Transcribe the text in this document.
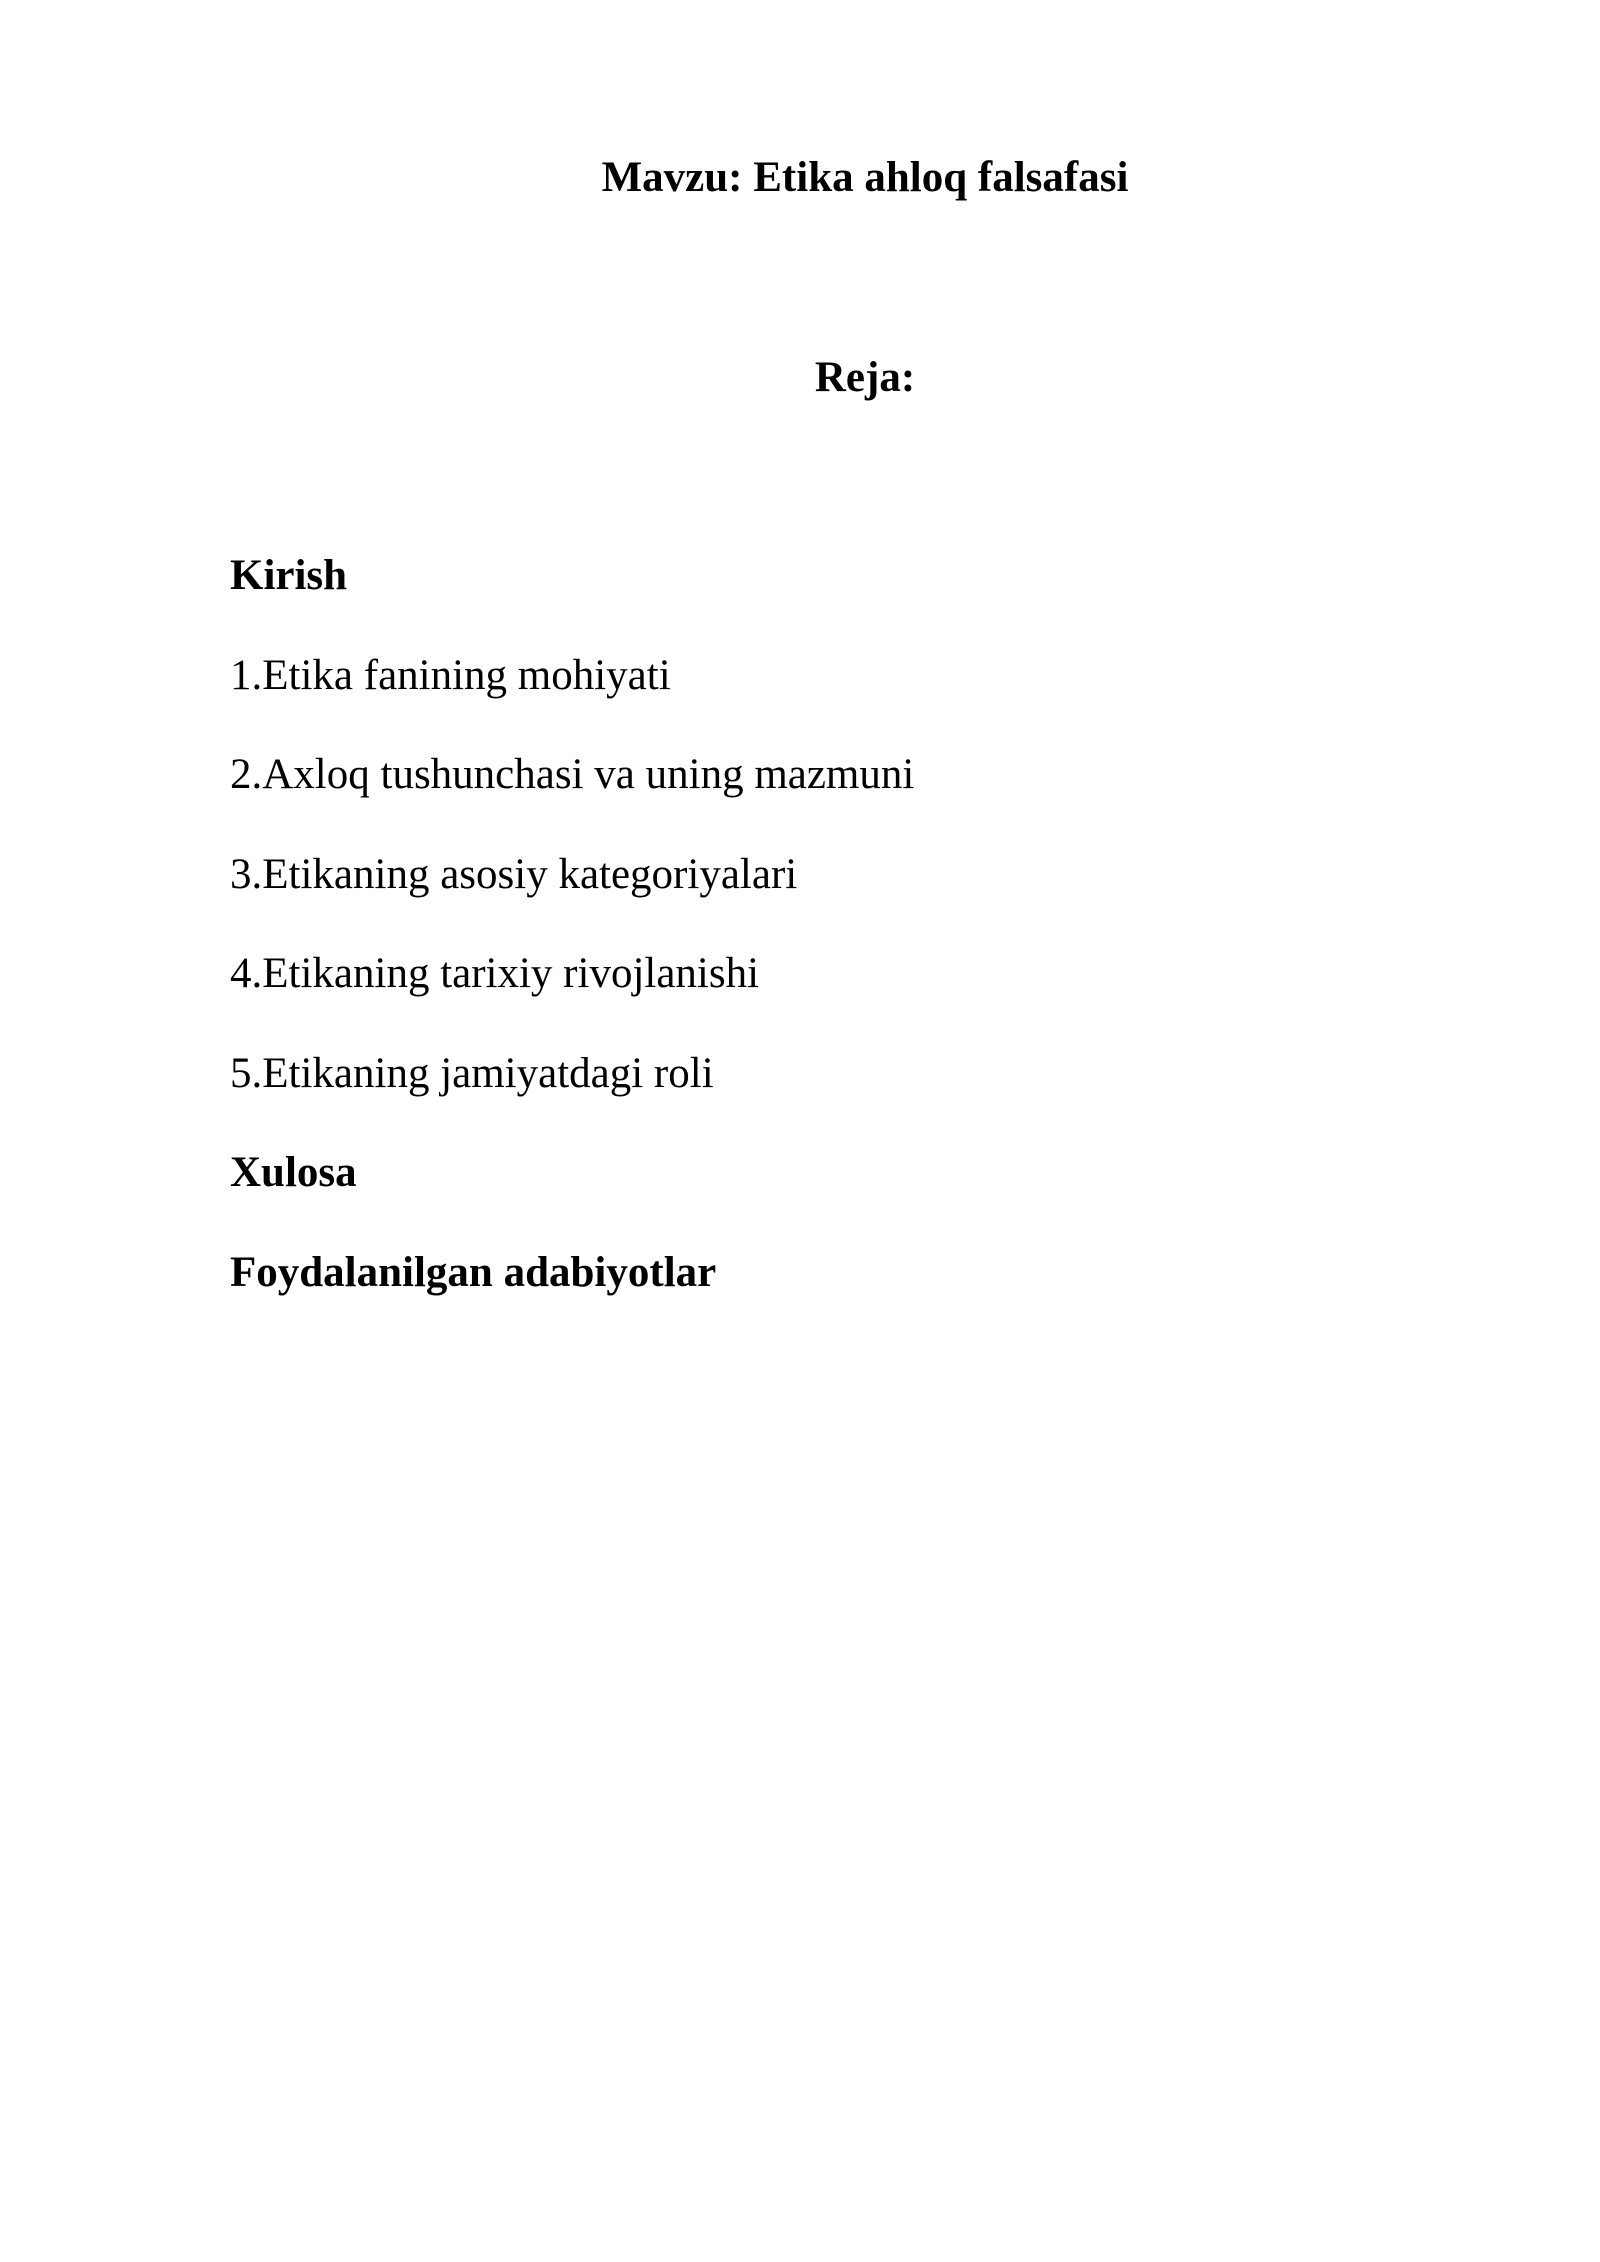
Mavzu: Etika ahloq falsafasi
Reja:
Kirish
1.Etika fanining mohiyati
2.Axloq tushunchasi va uning mazmuni
3.Etikaning asosiy kategoriyalari
4.Etikaning tarixiy rivojlanishi
5.Etikaning jamiyatdagi roli
Xulosa
Foydalanilgan adabiyotlar
